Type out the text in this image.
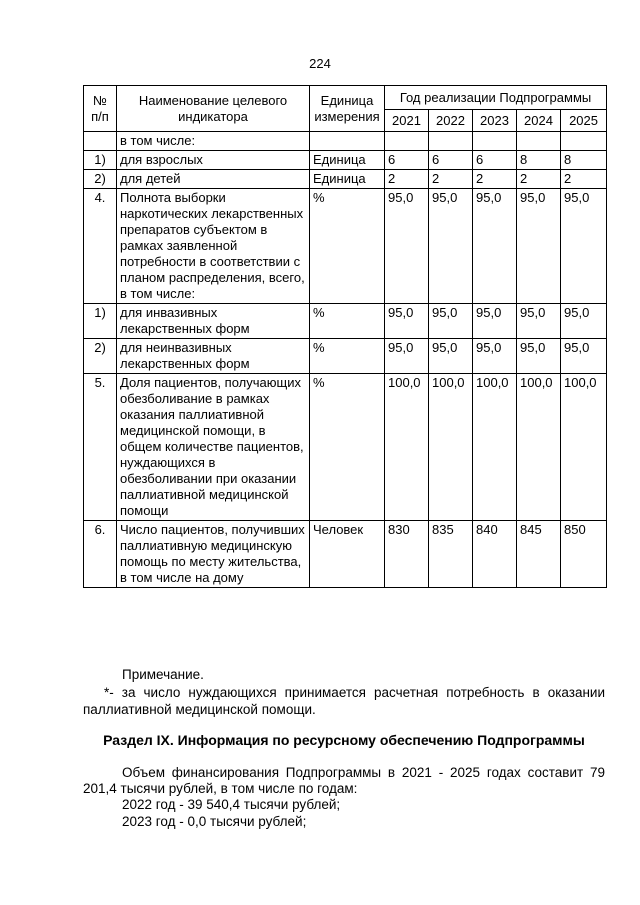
224
№ п/п	Наименование целевого индикатора	Единица измерения	Год реализации Подпрограммы				
			2021	2022	2023	2024	2025
	в том числе:						
1)	для взрослых	Единица	6	6	6	8	8
2)	для детей	Единица	2	2	2	2	2
4.	Полнота выборки наркотических лекарственных препаратов субъектом в рамках заявленной потребности в соответствии с планом распределения, всего, в том числе:	%	95,0	95,0	95,0	95,0	95,0
1)	для инвазивных лекарственных форм	%	95,0	95,0	95,0	95,0	95,0
2)	для неинвазивных лекарственных форм	%	95,0	95,0	95,0	95,0	95,0
5.	Доля пациентов, получающих обезболивание в рамках оказания паллиативной медицинской помощи, в общем количестве пациентов, нуждающихся в обезболивании при оказании паллиативной медицинской помощи	%	100,0	100,0	100,0	100,0	100,0
6.	Число пациентов, получивших паллиативную медицинскую помощь по месту жительства, в том числе на дому	Человек	830	835	840	845	850
Примечание.
*- за число нуждающихся принимается расчетная потребность в оказании паллиативной медицинской помощи.
Раздел IX. Информация по ресурсному обеспечению Подпрограммы
Объем финансирования Подпрограммы в 2021 - 2025 годах составит 79 201,4 тысячи рублей, в том числе по годам:
2022 год - 39 540,4 тысячи рублей;
2023 год - 0,0 тысячи рублей;
